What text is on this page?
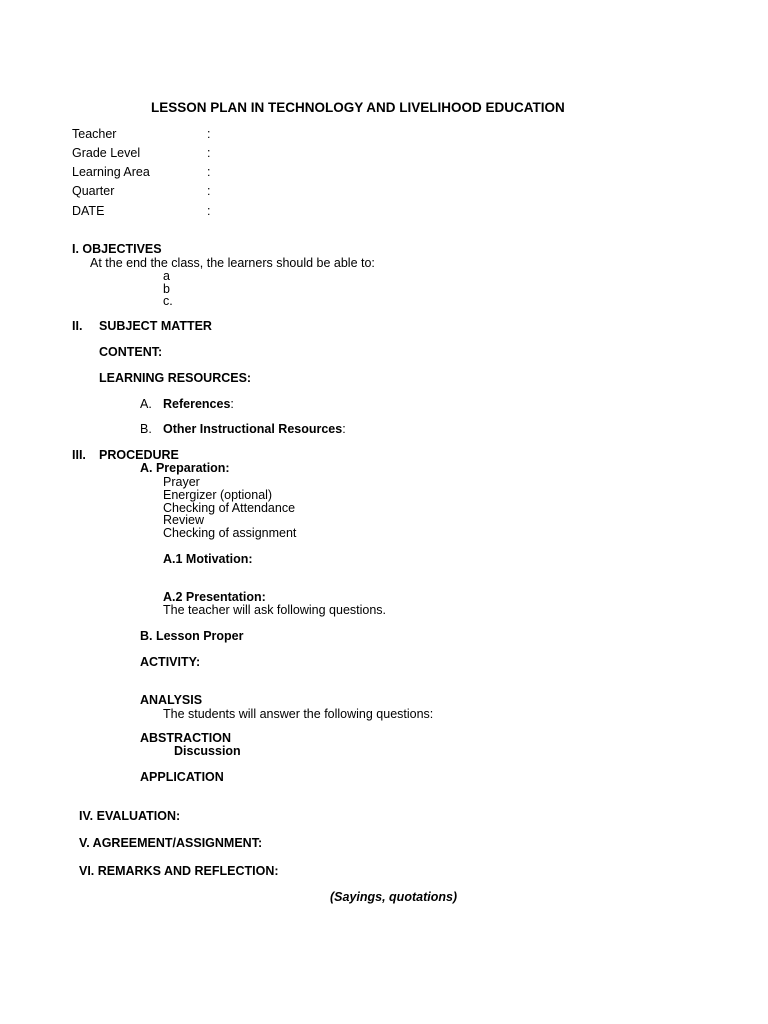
LESSON PLAN IN TECHNOLOGY AND LIVELIHOOD EDUCATION
Teacher	:
Grade Level	:
Learning Area	:
Quarter	:
DATE	:
I. OBJECTIVES
At the end the class, the learners should be able to:
a
b
c.
II. SUBJECT MATTER
CONTENT:
LEARNING RESOURCES:
A. References:
B. Other Instructional Resources:
III. PROCEDURE
A. Preparation:
Prayer
Energizer (optional)
Checking of Attendance
Review
Checking of assignment
A.1 Motivation:
A.2 Presentation:
The teacher will ask following questions.
B. Lesson Proper
ACTIVITY:
ANALYSIS
The students will answer the following questions:
ABSTRACTION
Discussion
APPLICATION
IV. EVALUATION:
V. AGREEMENT/ASSIGNMENT:
VI. REMARKS AND REFLECTION:
(Sayings, quotations)
